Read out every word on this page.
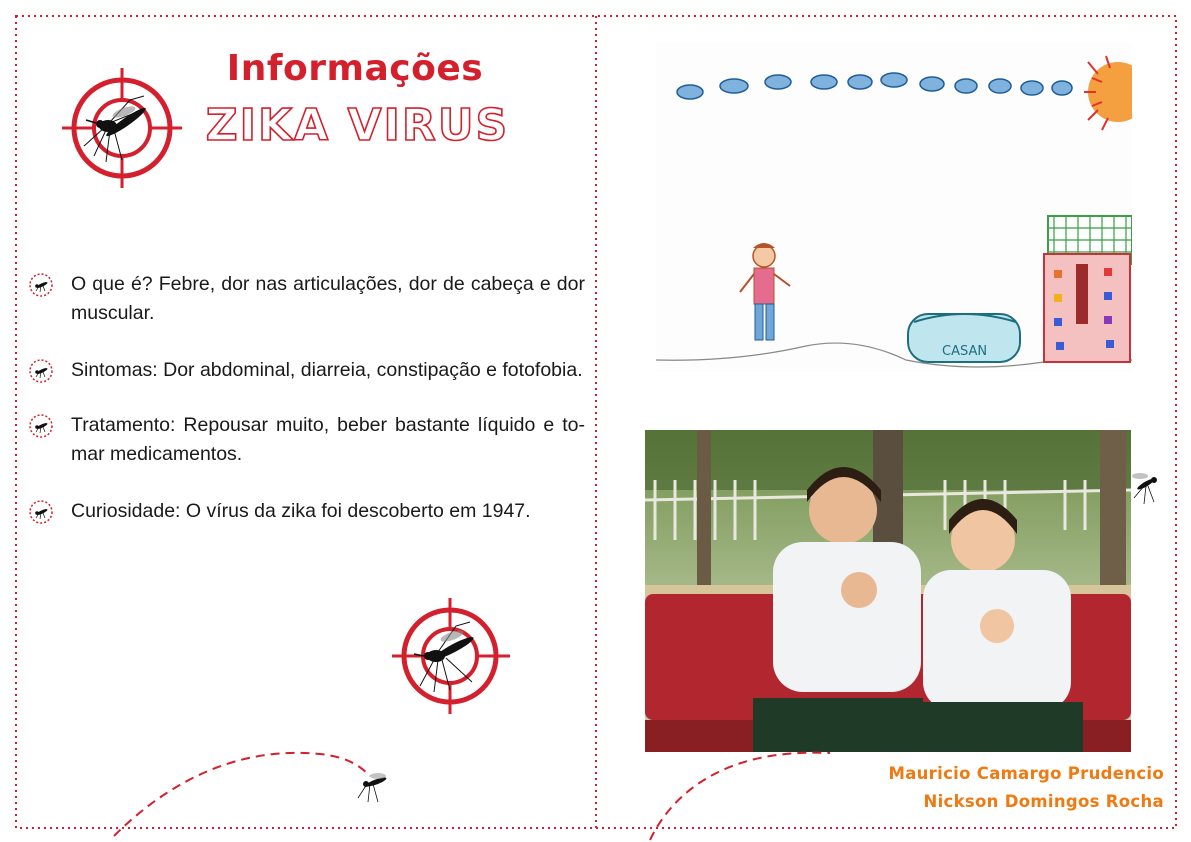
Informações
ZIKA VIRUS
O que é? Febre, dor nas articulações, dor de cabeça e dor muscular.
Sintomas: Dor abdominal, diarreia, constipação e fotofobia.
Tratamento: Repousar muito, beber bastante líquido e tomar medicamentos.
Curiosidade: O vírus da zika foi descoberto em 1947.
CASAN
Mauricio Camargo Prudencio
Nickson Domingos Rocha
